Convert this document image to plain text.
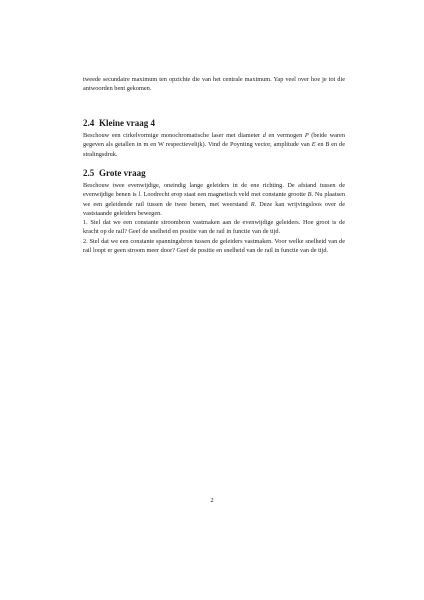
tweede secundaire maximum ten opzichte die van het centrale maximum. Yap veel over hoe je tot die antwoorden bent gekomen.

2.4 Kleine vraag 4

Beschouw een cirkelvormige monochromatische laser met diameter d en vermogen P (beide waren gegeven als getallen in m en W respectievelijk). Vind de Poynting vector, amplitude van E en B en de stralingsdruk.

2.5 Grote vraag

Beschouw twee evenwijdige, oneindig lange geleiders in de ene richting. De afstand tussen de evenwijdige benen is l. Loodrecht erop staat een magnetisch veld met constante grootte B. Nu plaatsen we een geleidende rail tussen de twee benen, met weerstand R. Deze kan wrijvingsloos over de vaststaande geleiders bewegen.

1. Stel dat we een constante stroombron vastmaken aan de evenwijdige geleiders. Hoe groot is de kracht op de rail? Geef de snelheid en positie van de rail in functie van de tijd.

2. Stel dat we een constante spanningsbron tussen de geleiders vastmaken. Voor welke snelheid van de rail loopt er geen stroom meer door? Geef de positie en snelheid van de rail in functie van de tijd.

2
